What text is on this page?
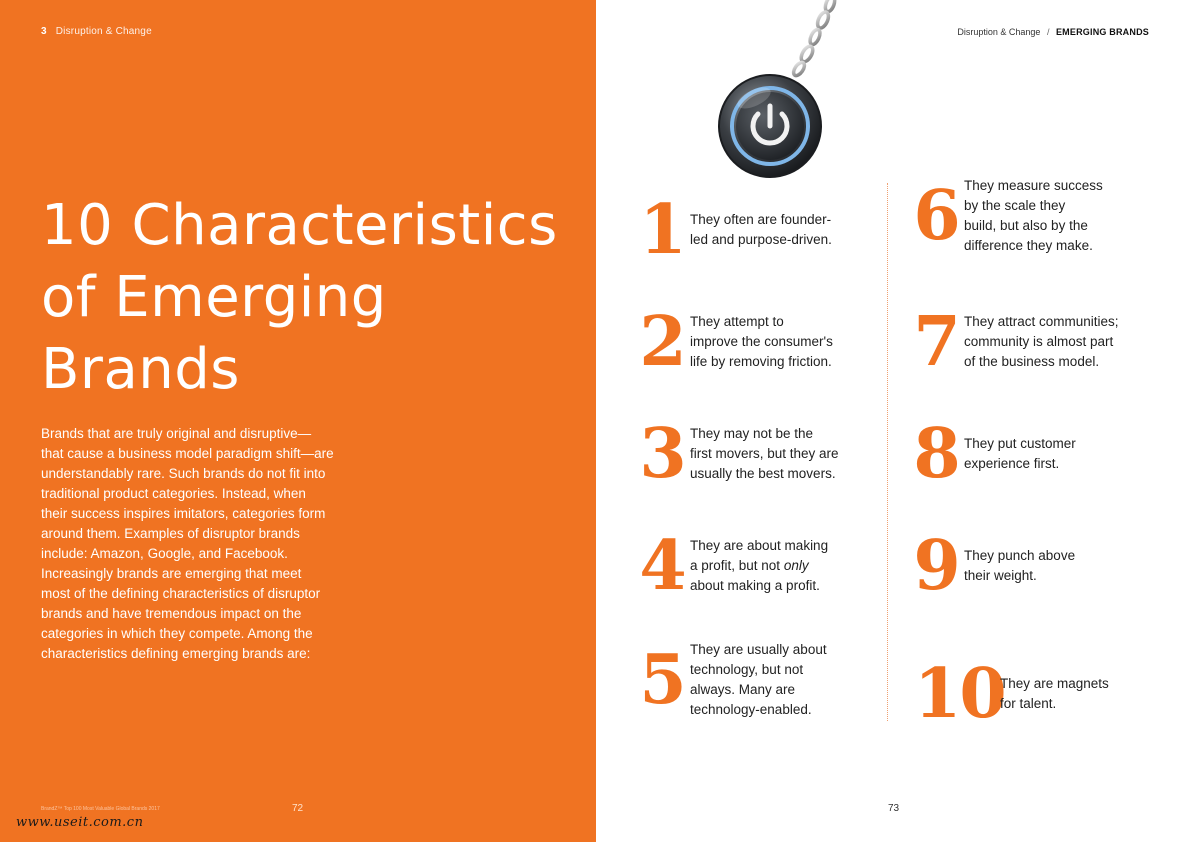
3 Disruption & Change
10 Characteristics
of Emerging
Brands
Brands that are truly original and disruptive—
that cause a business model paradigm shift—are
understandably rare. Such brands do not fit into
traditional product categories. Instead, when
their success inspires imitators, categories form
around them. Examples of disruptor brands
include: Amazon, Google, and Facebook.
Increasingly brands are emerging that meet
most of the defining characteristics of disruptor
brands and have tremendous impact on the
categories in which they compete. Among the
characteristics defining emerging brands are:
BrandZ™ Top 100 Most Valuable Global Brands 2017	72
www.useit.com.cn
Disruption & Change / EMERGING BRANDS
1 They often are founder-
led and purpose-driven.
2 They attempt to
improve the consumer's
life by removing friction.
3 They may not be the
first movers, but they are
usually the best movers.
4 They are about making
a profit, but not only
about making a profit.
5 They are usually about
technology, but not
always. Many are
technology-enabled.
6 They measure success
by the scale they
build, but also by the
difference they make.
7 They attract communities;
community is almost part
of the business model.
8 They put customer
experience first.
9 They punch above
their weight.
10
They are magnets
for talent.
73
